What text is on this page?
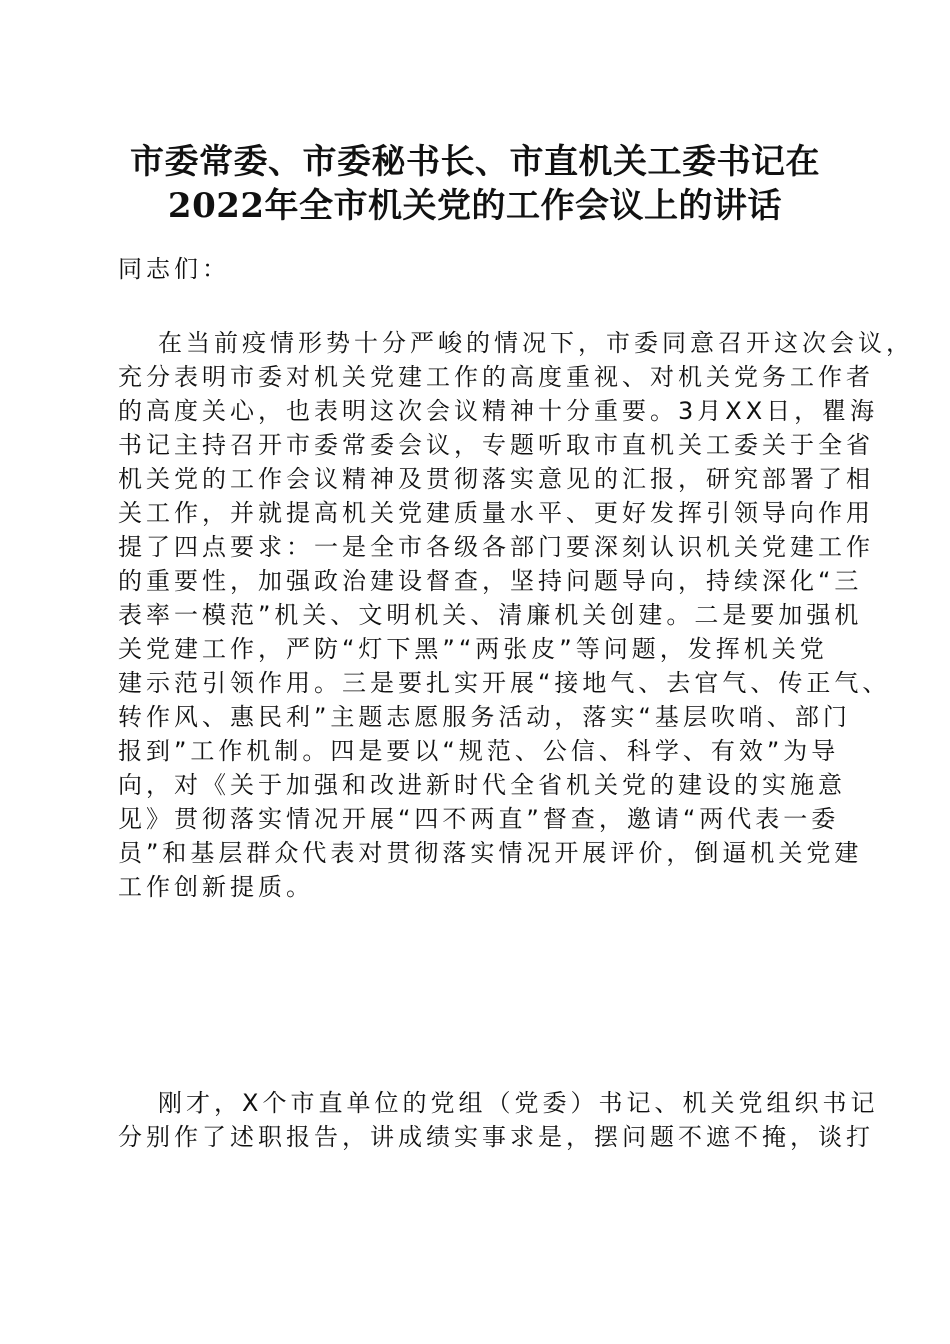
市委常委、市委秘书长、市直机关工委书记在
2022年全市机关党的工作会议上的讲话

同志们：

在当前疫情形势十分严峻的情况下，市委同意召开这次会议，
充分表明市委对机关党建工作的高度重视、对机关党务工作者
的高度关心，也表明这次会议精神十分重要。3月XX日，瞿海
书记主持召开市委常委会议，专题听取市直机关工委关于全省
机关党的工作会议精神及贯彻落实意见的汇报，研究部署了相
关工作，并就提高机关党建质量水平、更好发挥引领导向作用
提了四点要求：一是全市各级各部门要深刻认识机关党建工作
的重要性，加强政治建设督查，坚持问题导向，持续深化“三
表率一模范”机关、文明机关、清廉机关创建。二是要加强机
关党建工作，严防“灯下黑”“两张皮”等问题，发挥机关党
建示范引领作用。三是要扎实开展“接地气、去官气、传正气、
转作风、惠民利”主题志愿服务活动，落实“基层吹哨、部门
报到”工作机制。四是要以“规范、公信、科学、有效”为导
向，对《关于加强和改进新时代全省机关党的建设的实施意
见》贯彻落实情况开展“四不两直”督查，邀请“两代表一委
员”和基层群众代表对贯彻落实情况开展评价，倒逼机关党建
工作创新提质。
刚才，X个市直单位的党组（党委）书记、机关党组织书记
分别作了述职报告，讲成绩实事求是，摆问题不遮不掩，谈打
